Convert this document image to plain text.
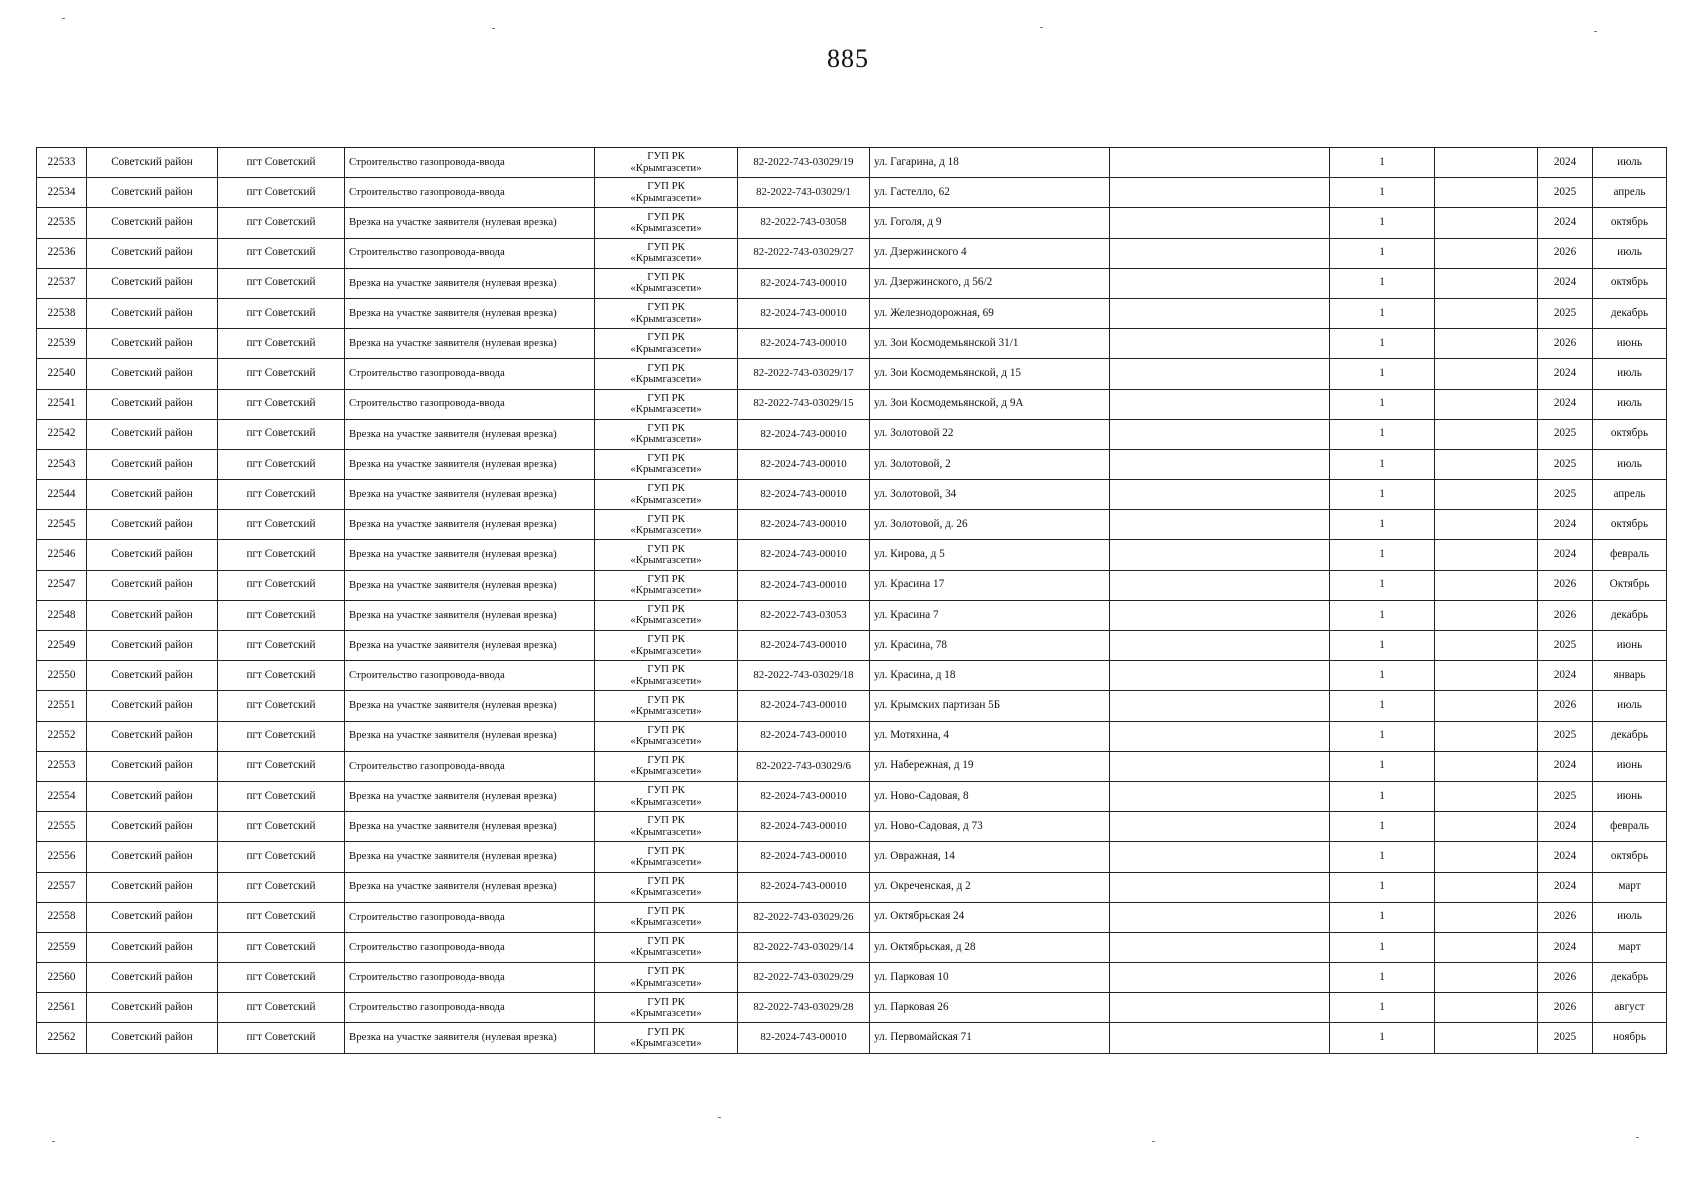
885
22533	Советский район	пгт Советский	Строительство газопровода-ввода	ГУП РК
«Крымгазсети»	82-2022-743-03029/19	ул. Гагарина, д 18		1		2024	июль
22534	Советский район	пгт Советский	Строительство газопровода-ввода	ГУП РК
«Крымгазсети»	82-2022-743-03029/1	ул. Гастелло, 62		1		2025	апрель
22535	Советский район	пгт Советский	Врезка на участке заявителя (нулевая врезка)	ГУП РК
«Крымгазсети»	82-2022-743-03058	ул. Гоголя, д 9		1		2024	октябрь
22536	Советский район	пгт Советский	Строительство газопровода-ввода	ГУП РК
«Крымгазсети»	82-2022-743-03029/27	ул. Дзержинского 4		1		2026	июль
22537	Советский район	пгт Советский	Врезка на участке заявителя (нулевая врезка)	ГУП РК
«Крымгазсети»	82-2024-743-00010	ул. Дзержинского, д 56/2		1		2024	октябрь
22538	Советский район	пгт Советский	Врезка на участке заявителя (нулевая врезка)	ГУП РК
«Крымгазсети»	82-2024-743-00010	ул. Железнодорожная, 69		1		2025	декабрь
22539	Советский район	пгт Советский	Врезка на участке заявителя (нулевая врезка)	ГУП РК
«Крымгазсети»	82-2024-743-00010	ул. Зои Космодемьянской 31/1		1		2026	июнь
22540	Советский район	пгт Советский	Строительство газопровода-ввода	ГУП РК
«Крымгазсети»	82-2022-743-03029/17	ул. Зои Космодемьянской, д 15		1		2024	июль
22541	Советский район	пгт Советский	Строительство газопровода-ввода	ГУП РК
«Крымгазсети»	82-2022-743-03029/15	ул. Зои Космодемьянской, д 9А		1		2024	июль
22542	Советский район	пгт Советский	Врезка на участке заявителя (нулевая врезка)	ГУП РК
«Крымгазсети»	82-2024-743-00010	ул. Золотовой 22		1		2025	октябрь
22543	Советский район	пгт Советский	Врезка на участке заявителя (нулевая врезка)	ГУП РК
«Крымгазсети»	82-2024-743-00010	ул. Золотовой, 2		1		2025	июль
22544	Советский район	пгт Советский	Врезка на участке заявителя (нулевая врезка)	ГУП РК
«Крымгазсети»	82-2024-743-00010	ул. Золотовой, 34		1		2025	апрель
22545	Советский район	пгт Советский	Врезка на участке заявителя (нулевая врезка)	ГУП РК
«Крымгазсети»	82-2024-743-00010	ул. Золотовой, д. 26		1		2024	октябрь
22546	Советский район	пгт Советский	Врезка на участке заявителя (нулевая врезка)	ГУП РК
«Крымгазсети»	82-2024-743-00010	ул. Кирова, д 5		1		2024	февраль
22547	Советский район	пгт Советский	Врезка на участке заявителя (нулевая врезка)	ГУП РК
«Крымгазсети»	82-2024-743-00010	ул. Красина 17		1		2026	Октябрь
22548	Советский район	пгт Советский	Врезка на участке заявителя (нулевая врезка)	ГУП РК
«Крымгазсети»	82-2022-743-03053	ул. Красина 7		1		2026	декабрь
22549	Советский район	пгт Советский	Врезка на участке заявителя (нулевая врезка)	ГУП РК
«Крымгазсети»	82-2024-743-00010	ул. Красина, 78		1		2025	июнь
22550	Советский район	пгт Советский	Строительство газопровода-ввода	ГУП РК
«Крымгазсети»	82-2022-743-03029/18	ул. Красина, д 18		1		2024	январь
22551	Советский район	пгт Советский	Врезка на участке заявителя (нулевая врезка)	ГУП РК
«Крымгазсети»	82-2024-743-00010	ул. Крымских партизан 5Б		1		2026	июль
22552	Советский район	пгт Советский	Врезка на участке заявителя (нулевая врезка)	ГУП РК
«Крымгазсети»	82-2024-743-00010	ул. Мотяхина, 4		1		2025	декабрь
22553	Советский район	пгт Советский	Строительство газопровода-ввода	ГУП РК
«Крымгазсети»	82-2022-743-03029/6	ул. Набережная, д 19		1		2024	июнь
22554	Советский район	пгт Советский	Врезка на участке заявителя (нулевая врезка)	ГУП РК
«Крымгазсети»	82-2024-743-00010	ул. Ново-Садовая, 8		1		2025	июнь
22555	Советский район	пгт Советский	Врезка на участке заявителя (нулевая врезка)	ГУП РК
«Крымгазсети»	82-2024-743-00010	ул. Ново-Садовая, д 73		1		2024	февраль
22556	Советский район	пгт Советский	Врезка на участке заявителя (нулевая врезка)	ГУП РК
«Крымгазсети»	82-2024-743-00010	ул. Овражная, 14		1		2024	октябрь
22557	Советский район	пгт Советский	Врезка на участке заявителя (нулевая врезка)	ГУП РК
«Крымгазсети»	82-2024-743-00010	ул. Окреченская, д 2		1		2024	март
22558	Советский район	пгт Советский	Строительство газопровода-ввода	ГУП РК
«Крымгазсети»	82-2022-743-03029/26	ул. Октябрьская 24		1		2026	июль
22559	Советский район	пгт Советский	Строительство газопровода-ввода	ГУП РК
«Крымгазсети»	82-2022-743-03029/14	ул. Октябрьская, д 28		1		2024	март
22560	Советский район	пгт Советский	Строительство газопровода-ввода	ГУП РК
«Крымгазсети»	82-2022-743-03029/29	ул. Парковая 10		1		2026	декабрь
22561	Советский район	пгт Советский	Строительство газопровода-ввода	ГУП РК
«Крымгазсети»	82-2022-743-03029/28	ул. Парковая 26		1		2026	август
22562	Советский район	пгт Советский	Врезка на участке заявителя (нулевая врезка)	ГУП РК
«Крымгазсети»	82-2024-743-00010	ул. Первомайская 71		1		2025	ноябрь
